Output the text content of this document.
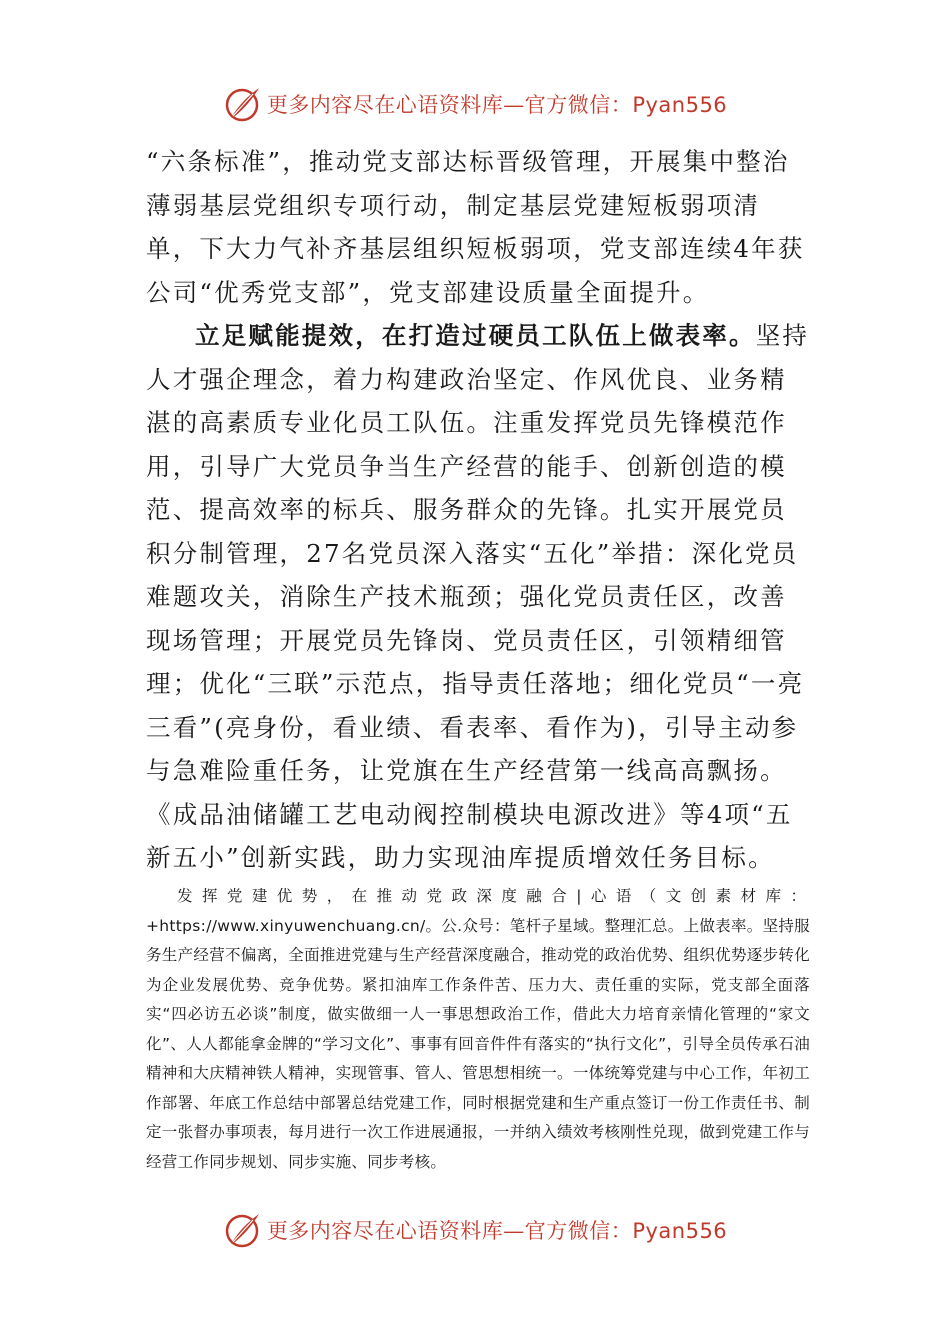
更多内容尽在心语资料库—官方微信：Pyan556

“六条标准”，推动党支部达标晋级管理，开展集中整治薄弱基层党组织专项行动，制定基层党建短板弱项清单，下大力气补齐基层组织短板弱项，党支部连续4年获公司“优秀党支部”，党支部建设质量全面提升。

立足赋能提效，在打造过硬员工队伍上做表率。坚持人才强企理念，着力构建政治坚定、作风优良、业务精湛的高素质专业化员工队伍。注重发挥党员先锋模范作用，引导广大党员争当生产经营的能手、创新创造的模范、提高效率的标兵、服务群众的先锋。扎实开展党员积分制管理，27名党员深入落实“五化”举措：深化党员难题攻关，消除生产技术瓶颈；强化党员责任区，改善现场管理；开展党员先锋岗、党员责任区，引领精细管理；优化“三联”示范点，指导责任落地；细化党员“一亮三看”(亮身份，看业绩、看表率、看作为)，引导主动参与急难险重任务，让党旗在生产经营第一线高高飘扬。《成品油储罐工艺电动阀控制模块电源改进》等4项“五新五小”创新实践，助力实现油库提质增效任务目标。

发挥党建优势，在推动党政深度融合|心语（文创素材库：+https://www.xinyuwenchuang.cn/。公.众号：笔杆子星域。整理汇总。上做表率。坚持服务生产经营不偏离，全面推进党建与生产经营深度融合，推动党的政治优势、组织优势逐步转化为企业发展优势、竞争优势。紧扣油库工作条件苦、压力大、责任重的实际，党支部全面落实“四必访五必谈”制度，做实做细一人一事思想政治工作，借此大力培育亲情化管理的“家文化”、人人都能拿金牌的“学习文化”、事事有回音件件有落实的“执行文化”，引导全员传承石油精神和大庆精神铁人精神，实现管事、管人、管思想相统一。一体统筹党建与中心工作，年初工作部署、年底工作总结中部署总结党建工作，同时根据党建和生产重点签订一份工作责任书、制定一张督办事项表，每月进行一次工作进展通报，一并纳入绩效考核刚性兑现，做到党建工作与经营工作同步规划、同步实施、同步考核。

更多内容尽在心语资料库—官方微信：Pyan556
